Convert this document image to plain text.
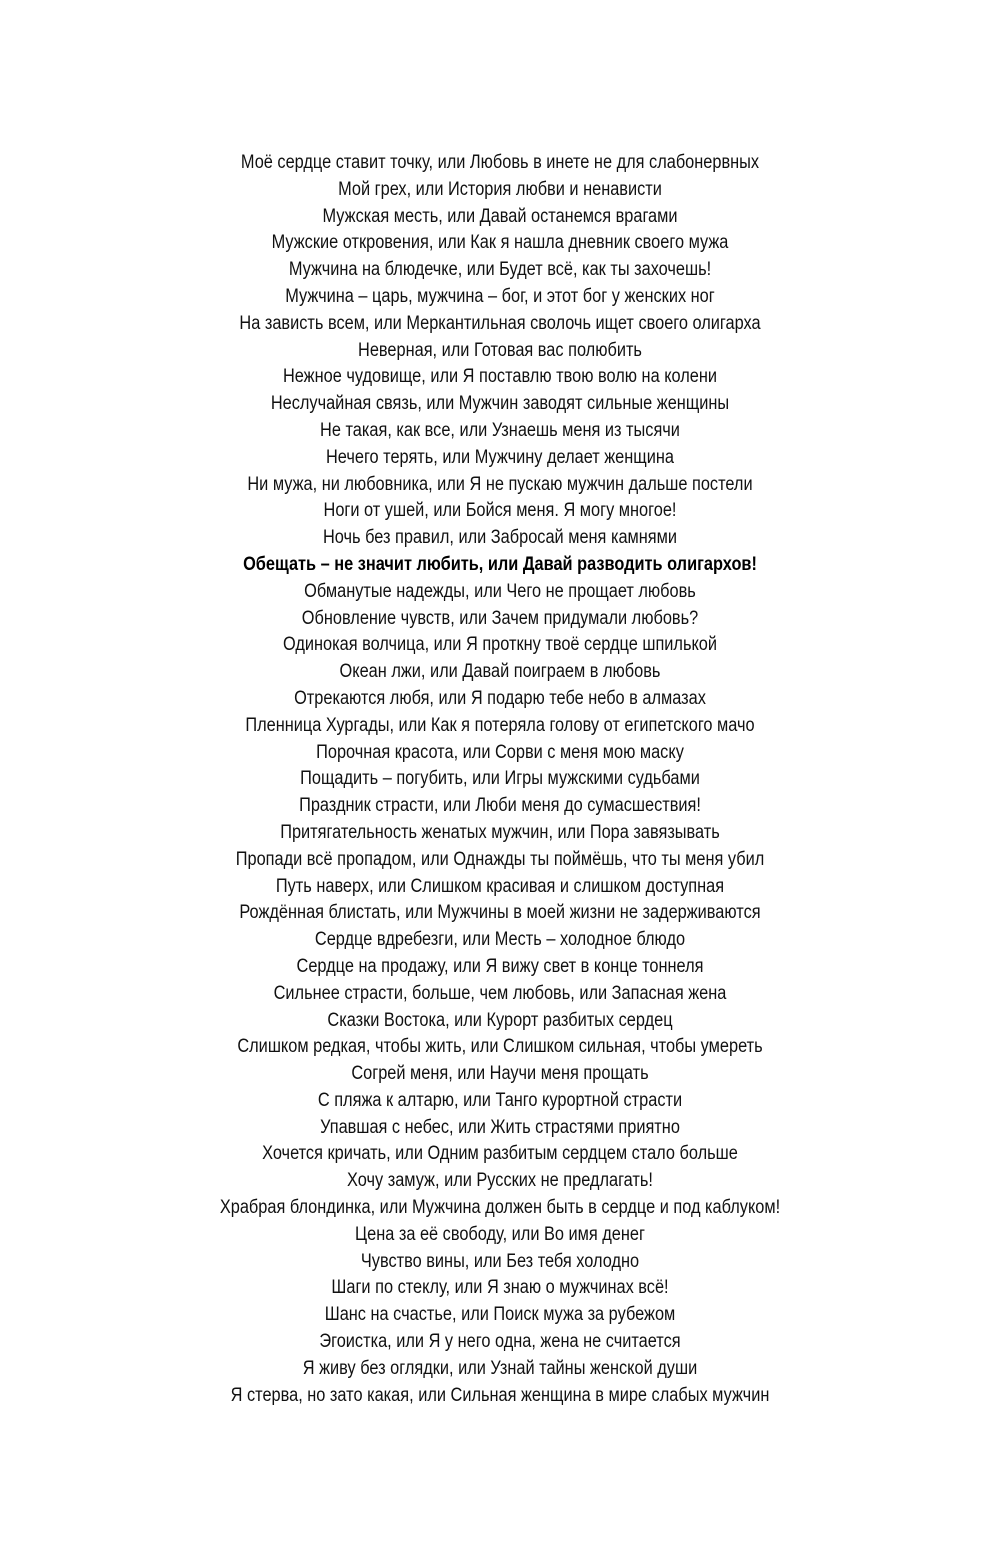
Моё сердце ставит точку, или Любовь в инете не для слабонервных
Мой грех, или История любви и ненависти
Мужская месть, или Давай останемся врагами
Мужские откровения, или Как я нашла дневник своего мужа
Мужчина на блюдечке, или Будет всё, как ты захочешь!
Мужчина – царь, мужчина – бог, и этот бог у женских ног
На зависть всем, или Меркантильная сволочь ищет своего олигарха
Неверная, или Готовая вас полюбить
Нежное чудовище, или Я поставлю твою волю на колени
Неслучайная связь, или Мужчин заводят сильные женщины
Не такая, как все, или Узнаешь меня из тысячи
Нечего терять, или Мужчину делает женщина
Ни мужа, ни любовника, или Я не пускаю мужчин дальше постели
Ноги от ушей, или Бойся меня. Я могу многое!
Ночь без правил, или Забросай меня камнями
Обещать – не значит любить, или Давай разводить олигархов!
Обманутые надежды, или Чего не прощает любовь
Обновление чувств, или Зачем придумали любовь?
Одинокая волчица, или Я проткну твоё сердце шпилькой
Океан лжи, или Давай поиграем в любовь
Отрекаются любя, или Я подарю тебе небо в алмазах
Пленница Хургады, или Как я потеряла голову от египетского мачо
Порочная красота, или Сорви с меня мою маску
Пощадить – погубить, или Игры мужскими судьбами
Праздник страсти, или Люби меня до сумасшествия!
Притягательность женатых мужчин, или Пора завязывать
Пропади всё пропадом, или Однажды ты поймёшь, что ты меня убил
Путь наверх, или Слишком красивая и слишком доступная
Рождённая блистать, или Мужчины в моей жизни не задерживаются
Сердце вдребезги, или Месть – холодное блюдо
Сердце на продажу, или Я вижу свет в конце тоннеля
Сильнее страсти, больше, чем любовь, или Запасная жена
Сказки Востока, или Курорт разбитых сердец
Слишком редкая, чтобы жить, или Слишком сильная, чтобы умереть
Согрей меня, или Научи меня прощать
С пляжа к алтарю, или Танго курортной страсти
Упавшая с небес, или Жить страстями приятно
Хочется кричать, или Одним разбитым сердцем стало больше
Хочу замуж, или Русских не предлагать!
Храбрая блондинка, или Мужчина должен быть в сердце и под каблуком!
Цена за её свободу, или Во имя денег
Чувство вины, или Без тебя холодно
Шаги по стеклу, или Я знаю о мужчинах всё!
Шанс на счастье, или Поиск мужа за рубежом
Эгоистка, или Я у него одна, жена не считается
Я живу без оглядки, или Узнай тайны женской души
Я стерва, но зато какая, или Сильная женщина в мире слабых мужчин
